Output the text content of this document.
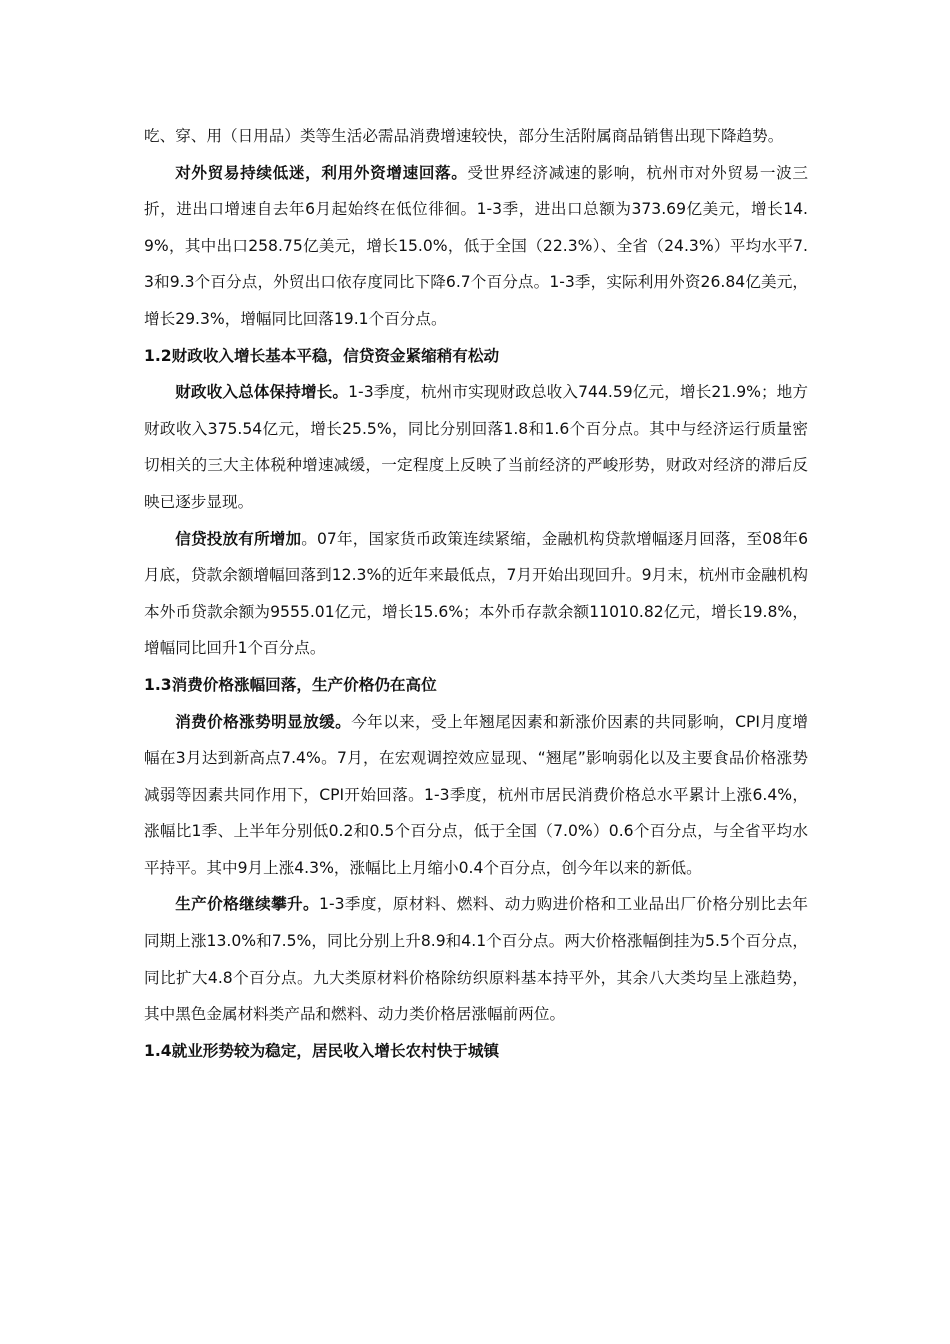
吃、穿、用（日用品）类等生活必需品消费增速较快，部分生活附属商品销售出现下降趋势。

对外贸易持续低迷，利用外资增速回落。受世界经济减速的影响，杭州市对外贸易一波三折，进出口增速自去年6月起始终在低位徘徊。1-3季，进出口总额为373.69亿美元，增长14.9%，其中出口258.75亿美元，增长15.0%，低于全国（22.3%）、全省（24.3%）平均水平7.3和9.3个百分点，外贸出口依存度同比下降6.7个百分点。1-3季，实际利用外资26.84亿美元，增长29.3%，增幅同比回落19.1个百分点。

1.2财政收入增长基本平稳，信贷资金紧缩稍有松动

财政收入总体保持增长。1-3季度，杭州市实现财政总收入744.59亿元，增长21.9%；地方财政收入375.54亿元，增长25.5%，同比分别回落1.8和1.6个百分点。其中与经济运行质量密切相关的三大主体税种增速减缓，一定程度上反映了当前经济的严峻形势，财政对经济的滞后反映已逐步显现。

信贷投放有所增加。07年，国家货币政策连续紧缩，金融机构贷款增幅逐月回落，至08年6月底，贷款余额增幅回落到12.3%的近年来最低点，7月开始出现回升。9月末，杭州市金融机构本外币贷款余额为9555.01亿元，增长15.6%；本外币存款余额11010.82亿元，增长19.8%，增幅同比回升1个百分点。

1.3消费价格涨幅回落，生产价格仍在高位

消费价格涨势明显放缓。今年以来，受上年翘尾因素和新涨价因素的共同影响，CPI月度增幅在3月达到新高点7.4%。7月，在宏观调控效应显现、“翘尾”影响弱化以及主要食品价格涨势减弱等因素共同作用下，CPI开始回落。1-3季度，杭州市居民消费价格总水平累计上涨6.4%，涨幅比1季、上半年分别低0.2和0.5个百分点，低于全国（7.0%）0.6个百分点，与全省平均水平持平。其中9月上涨4.3%，涨幅比上月缩小0.4个百分点，创今年以来的新低。

生产价格继续攀升。1-3季度，原材料、燃料、动力购进价格和工业品出厂价格分别比去年同期上涨13.0%和7.5%，同比分别上升8.9和4.1个百分点。两大价格涨幅倒挂为5.5个百分点，同比扩大4.8个百分点。九大类原材料价格除纺织原料基本持平外，其余八大类均呈上涨趋势，其中黑色金属材料类产品和燃料、动力类价格居涨幅前两位。

1.4就业形势较为稳定，居民收入增长农村快于城镇
